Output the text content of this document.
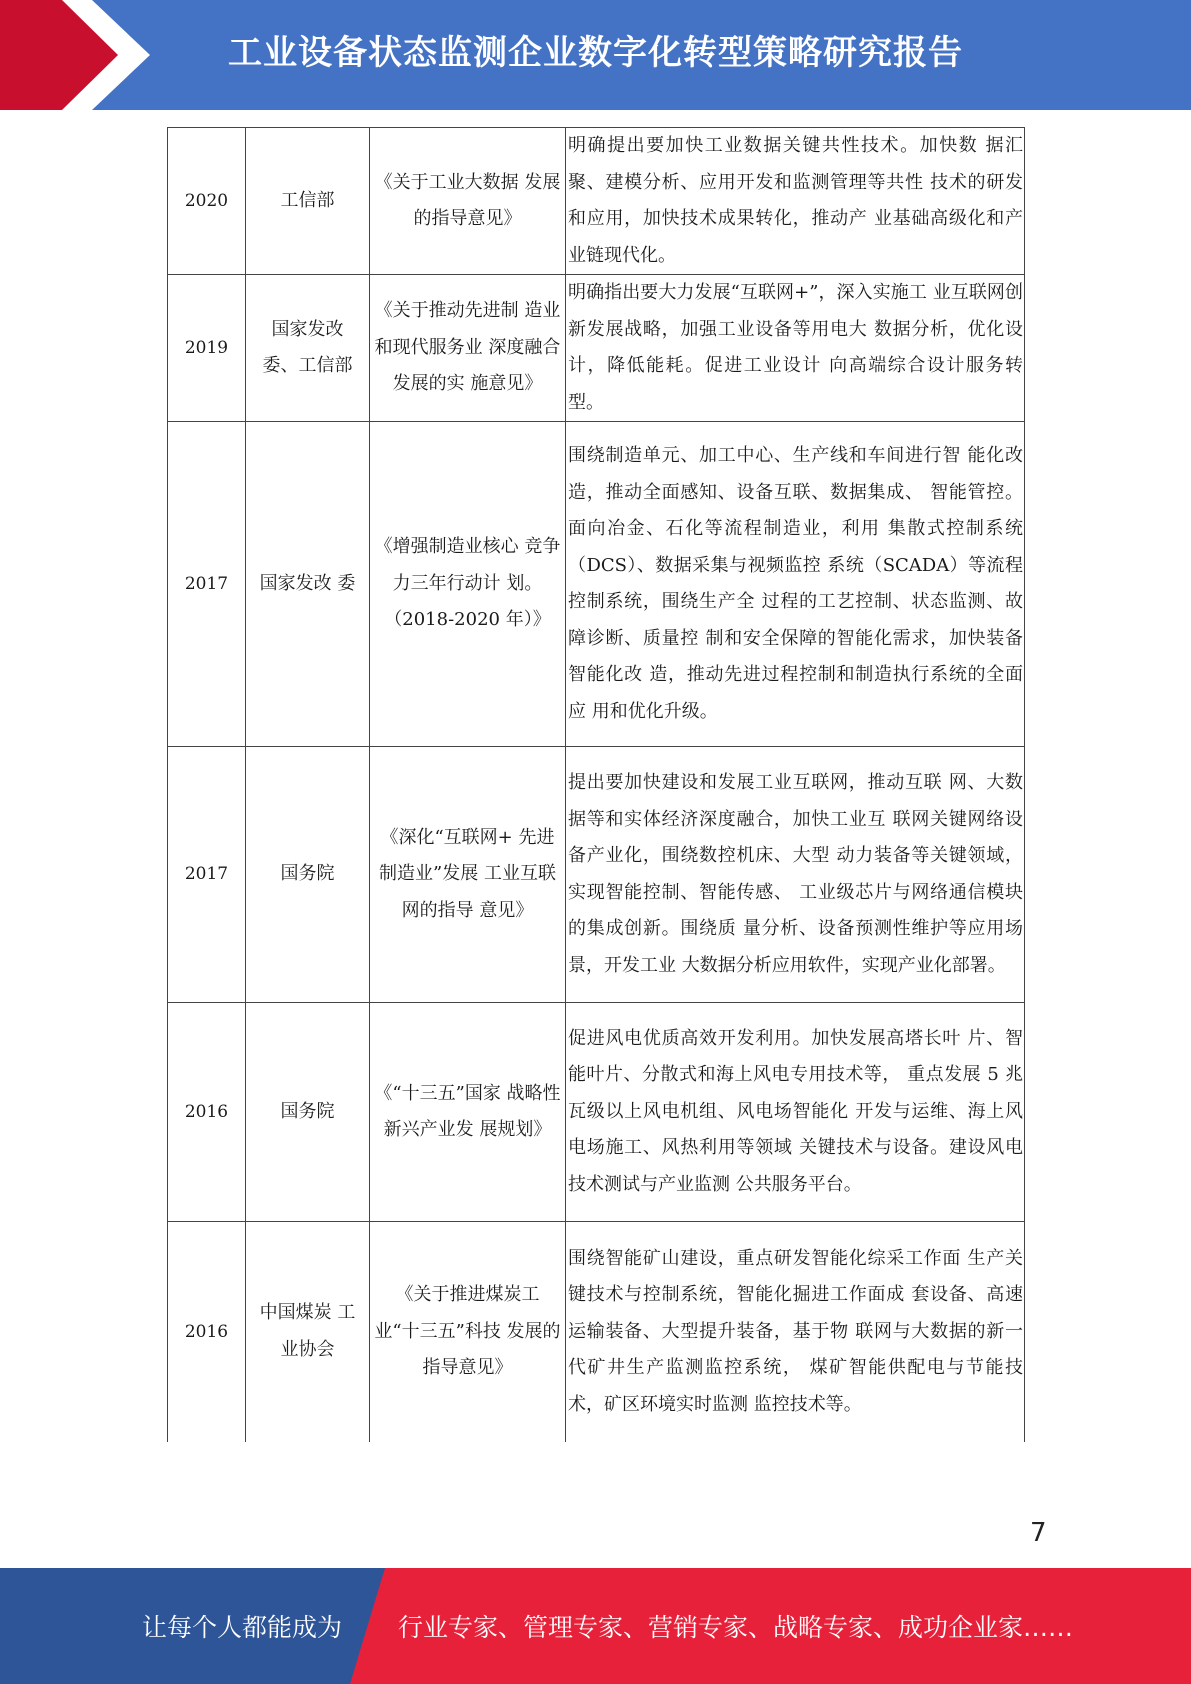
工业设备状态监测企业数字化转型策略研究报告
2020	工信部	《关于工业大数据 发展的指导意见》	明确提出要加快工业数据关键共性技术。加快数 据汇聚、建模分析、应用开发和监测管理等共性 技术的研发和应用，加快技术成果转化，推动产 业基础高级化和产业链现代化。
2019	国家发改委、工信部	《关于推动先进制 造业和现代服务业 深度融合发展的实 施意见》	明确指出要大力发展“互联网+”，深入实施工 业互联网创新发展战略，加强工业设备等用电大 数据分析，优化设计，降低能耗。促进工业设计 向高端综合设计服务转型。
2017	国家发改 委	《增强制造业核心 竞争力三年行动计 划。（2018-2020 年）》	围绕制造单元、加工中心、生产线和车间进行智 能化改造，推动全面感知、设备互联、数据集成、 智能管控。面向冶金、石化等流程制造业，利用 集散式控制系统（DCS）、数据采集与视频监控 系统（SCADA）等流程控制系统，围绕生产全 过程的工艺控制、状态监测、故障诊断、质量控 制和安全保障的智能化需求，加快装备智能化改 造，推动先进过程控制和制造执行系统的全面应 用和优化升级。
2017	国务院	《深化“互联网+ 先进制造业”发展 工业互联网的指导 意见》	提出要加快建设和发展工业互联网，推动互联 网、大数据等和实体经济深度融合，加快工业互 联网关键网络设备产业化，围绕数控机床、大型 动力装备等关键领域，实现智能控制、智能传感、 工业级芯片与网络通信模块的集成创新。围绕质 量分析、设备预测性维护等应用场景，开发工业 大数据分析应用软件，实现产业化部署。
2016	国务院	《“十三五”国家 战略性新兴产业发 展规划》	促进风电优质高效开发利用。加快发展高塔长叶 片、智能叶片、分散式和海上风电专用技术等， 重点发展 5 兆瓦级以上风电机组、风电场智能化 开发与运维、海上风电场施工、风热利用等领域 关键技术与设备。建设风电技术测试与产业监测 公共服务平台。
2016	中国煤炭 工业协会	《关于推进煤炭工 业“十三五”科技 发展的指导意见》	围绕智能矿山建设，重点研发智能化综采工作面 生产关键技术与控制系统，智能化掘进工作面成 套设备、高速运输装备、大型提升装备，基于物 联网与大数据的新一代矿井生产监测监控系统， 煤矿智能供配电与节能技术，矿区环境实时监测 监控技术等。
7
让每个人都能成为 行业专家、管理专家、营销专家、战略专家、成功企业家……
